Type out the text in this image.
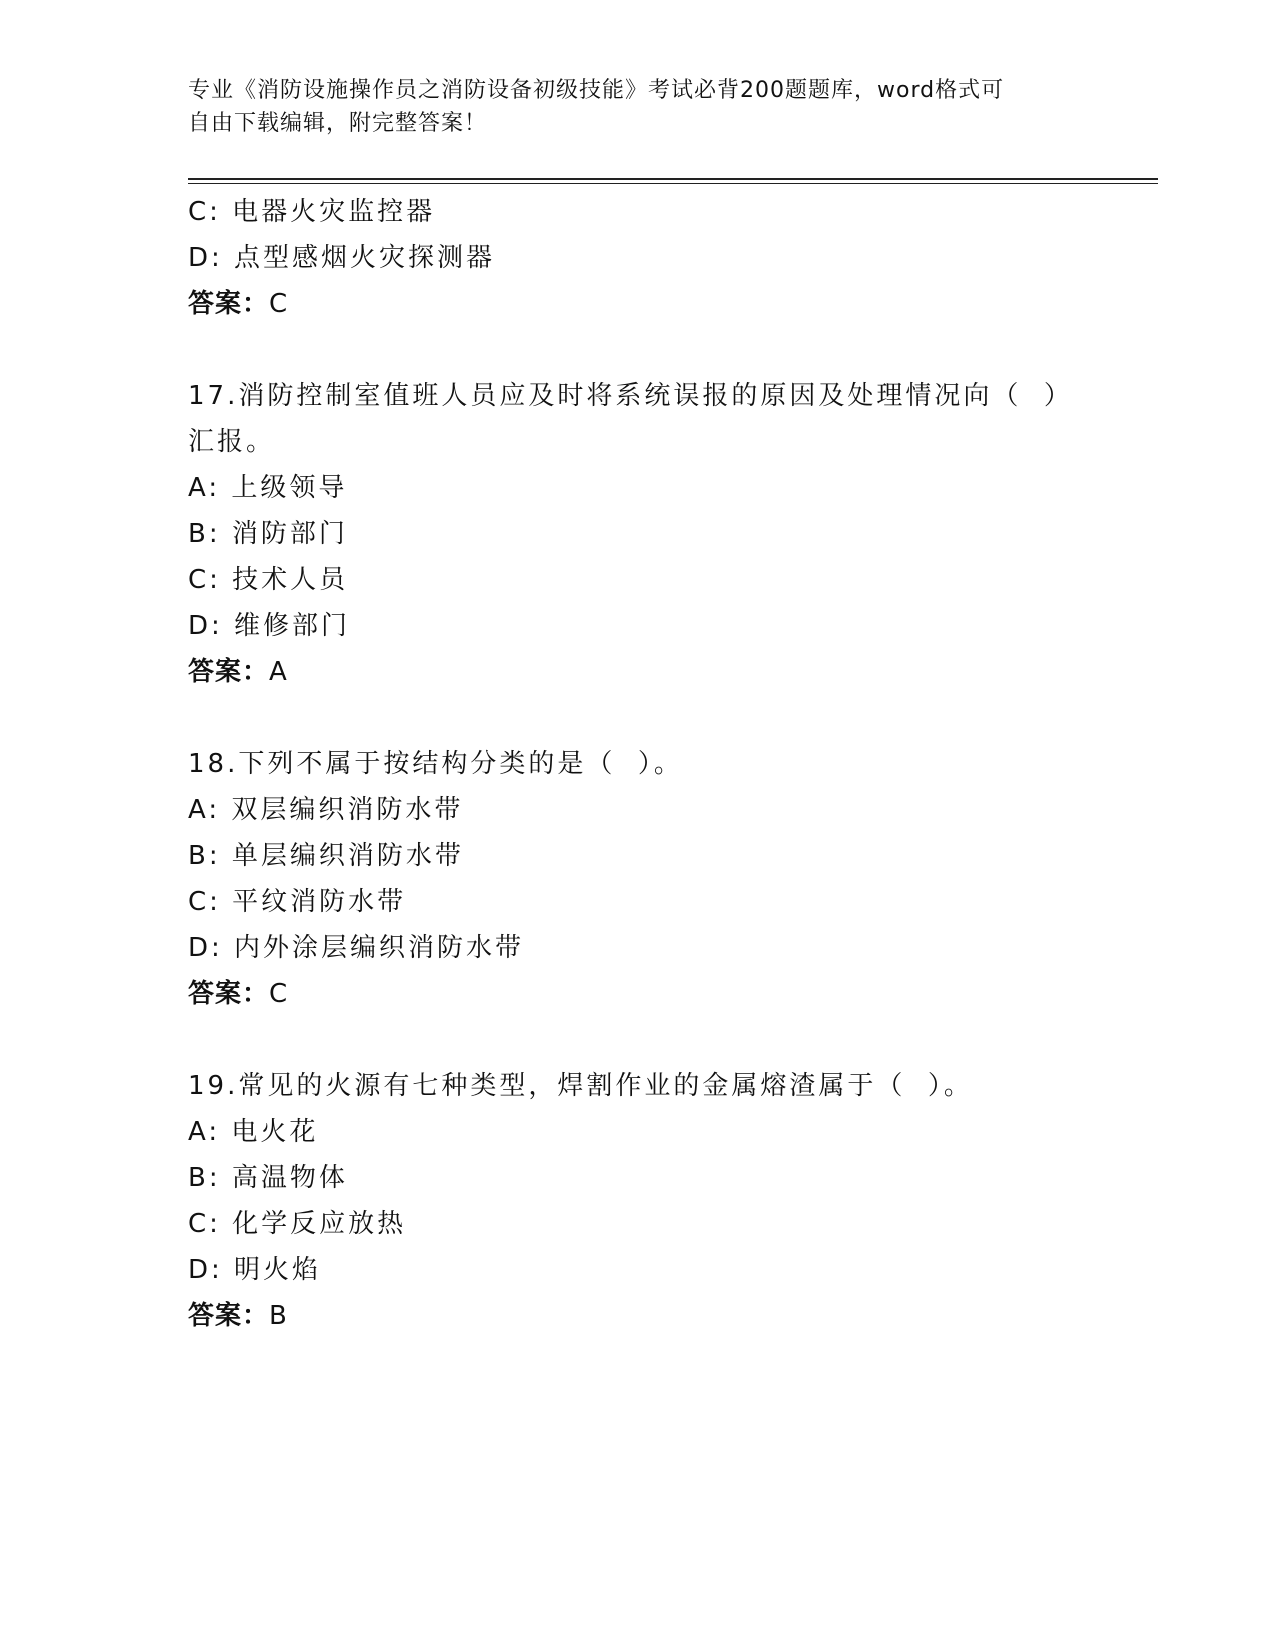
专业《消防设施操作员之消防设备初级技能》考试必背200题题库，word格式可
自由下载编辑，附完整答案！
C: 电器火灾监控器
D: 点型感烟火灾探测器
答案：C
17.消防控制室值班人员应及时将系统误报的原因及处理情况向（  ）
汇报。
A: 上级领导
B: 消防部门
C: 技术人员
D: 维修部门
答案：A
18.下列不属于按结构分类的是（  ）。
A: 双层编织消防水带
B: 单层编织消防水带
C: 平纹消防水带
D: 内外涂层编织消防水带
答案：C
19.常见的火源有七种类型，焊割作业的金属熔渣属于（  ）。
A: 电火花
B: 高温物体
C: 化学反应放热
D: 明火焰
答案：B
